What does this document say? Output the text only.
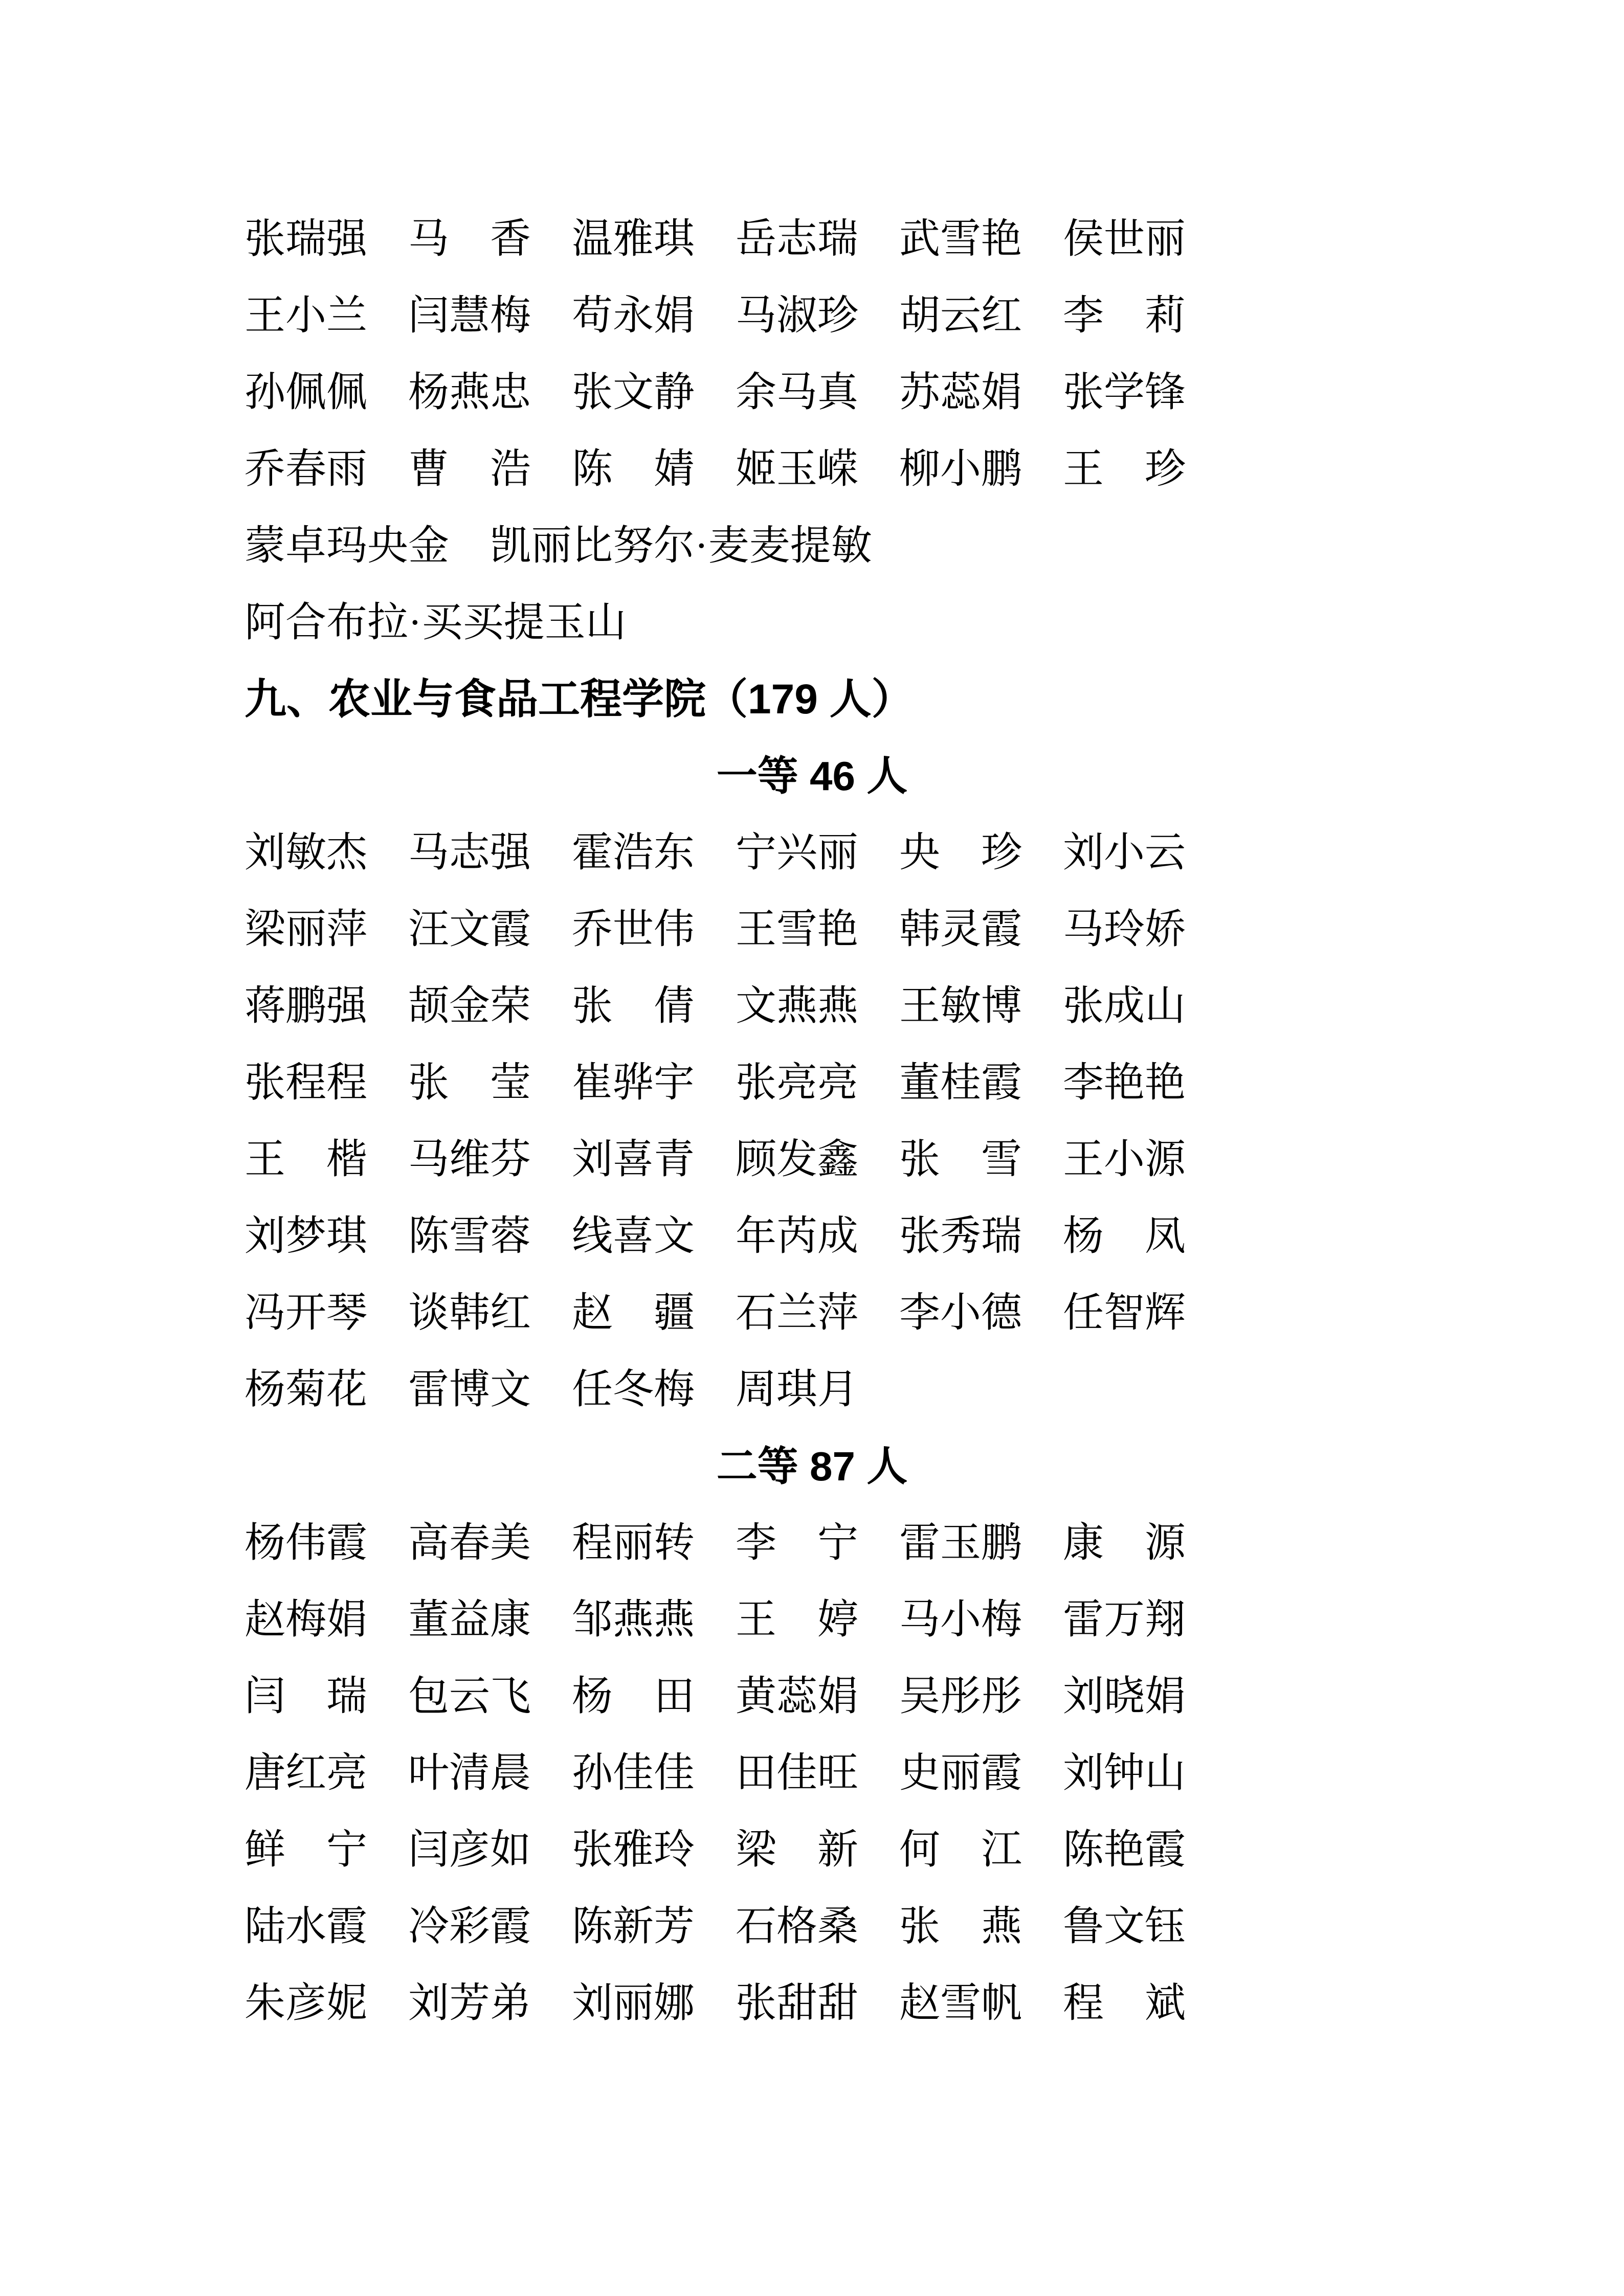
张瑞强　马　香　温雅琪　岳志瑞　武雪艳　侯世丽
王小兰　闫慧梅　苟永娟　马淑珍　胡云红　李　莉
孙佩佩　杨燕忠　张文静　余马真　苏蕊娟　张学锋
乔春雨　曹　浩　陈　婧　姬玉嵘　柳小鹏　王　珍
蒙卓玛央金　凯丽比努尔·麦麦提敏
阿合布拉·买买提玉山
九、农业与食品工程学院（179 人）
一等 46 人
刘敏杰　马志强　霍浩东　宁兴丽　央　珍　刘小云
梁丽萍　汪文霞　乔世伟　王雪艳　韩灵霞　马玲娇
蒋鹏强　颉金荣　张　倩　文燕燕　王敏博　张成山
张程程　张　莹　崔骅宇　张亮亮　董桂霞　李艳艳
王　楷　马维芬　刘喜青　顾发鑫　张　雪　王小源
刘梦琪　陈雪蓉　线喜文　年芮成　张秀瑞　杨　凤
冯开琴　谈韩红　赵　疆　石兰萍　李小德　任智辉
杨菊花　雷博文　任冬梅　周琪月
二等 87 人
杨伟霞　高春美　程丽转　李　宁　雷玉鹏　康　源
赵梅娟　董益康　邹燕燕　王　婷　马小梅　雷万翔
闫　瑞　包云飞　杨　田　黄蕊娟　吴彤彤　刘晓娟
唐红亮　叶清晨　孙佳佳　田佳旺　史丽霞　刘钟山
鲜　宁　闫彦如　张雅玲　梁　新　何　江　陈艳霞
陆水霞　冷彩霞　陈新芳　石格桑　张　燕　鲁文钰
朱彦妮　刘芳弟　刘丽娜　张甜甜　赵雪帆　程　斌
